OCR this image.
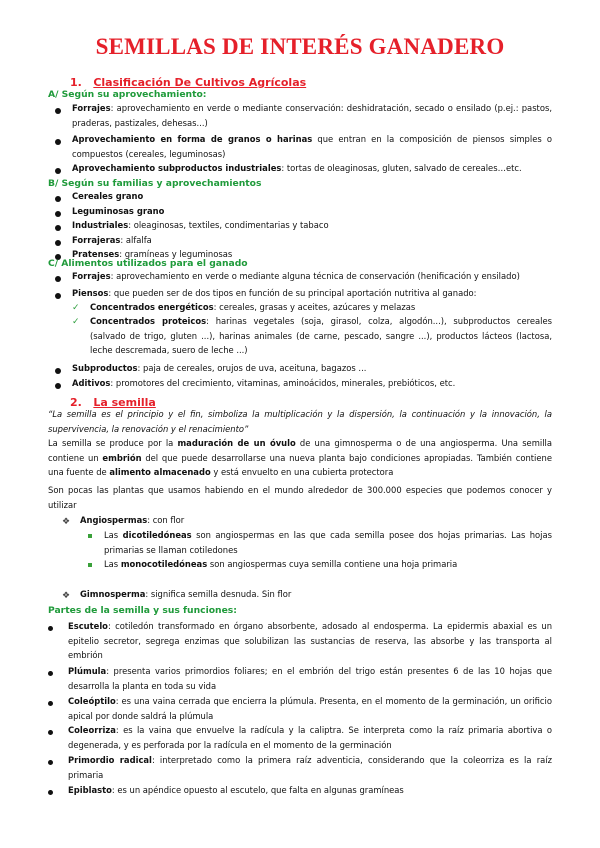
SEMILLAS DE INTERÉS GANADERO
1. Clasificación De Cultivos Agrícolas
A/ Según su aprovechamiento:
Forrajes: aprovechamiento en verde o mediante conservación: deshidratación, secado o ensilado (p.ej.: pastos, praderas, pastizales, dehesas...)
Aprovechamiento en forma de granos o harinas que entran en la composición de piensos simples o compuestos (cereales, leguminosas)
Aprovechamiento subproductos industriales: tortas de oleaginosas, gluten, salvado de cereales…etc.
B/ Según su familias y aprovechamientos
Cereales grano
Leguminosas grano
Industriales: oleaginosas, textiles, condimentarias y tabaco
Forrajeras: alfalfa
Pratenses: gramíneas y leguminosas
C/ Alimentos utilizados para el ganado
Forrajes: aprovechamiento en verde o mediante alguna técnica de conservación (henificación y ensilado)
Piensos: que pueden ser de dos tipos en función de su principal aportación nutritiva al ganado:
✓ Concentrados energéticos: cereales, grasas y aceites, azúcares y melazas
✓ Concentrados proteicos: harinas vegetales (soja, girasol, colza, algodón...), subproductos cereales (salvado de trigo, gluten ...), harinas animales (de carne, pescado, sangre ...), productos lácteos (lactosa, leche descremada, suero de leche ...)
Subproductos: paja de cereales, orujos de uva, aceituna, bagazos ...
Aditivos: promotores del crecimiento, vitaminas, aminoácidos, minerales, prebióticos, etc.
2. La semilla
“La semilla es el principio y el fin, simboliza la multiplicación y la dispersión, la continuación y la innovación, la supervivencia, la renovación y el renacimiento”
La semilla se produce por la maduración de un óvulo de una gimnosperma o de una angiosperma. Una semilla contiene un embrión del que puede desarrollarse una nueva planta bajo condiciones apropiadas. También contiene una fuente de alimento almacenado y está envuelto en una cubierta protectora
Son pocas las plantas que usamos habiendo en el mundo alrededor de 300.000 especies que podemos conocer y utilizar
❖ Angiospermas: con flor
Las dicotiledóneas son angiospermas en las que cada semilla posee dos hojas primarias. Las hojas primarias se llaman cotiledones
Las monocotiledóneas son angiospermas cuya semilla contiene una hoja primaria
❖ Gimnosperma: significa semilla desnuda. Sin flor
Partes de la semilla y sus funciones:
Escutelo: cotiledón transformado en órgano absorbente, adosado al endosperma. La epidermis abaxial es un epitelio secretor, segrega enzimas que solubilizan las sustancias de reserva, las absorbe y las transporta al embrión
Plúmula: presenta varios primordios foliares; en el embrión del trigo están presentes 6 de las 10 hojas que desarrolla la planta en toda su vida
Coleóptilo: es una vaina cerrada que encierra la plúmula. Presenta, en el momento de la germinación, un orificio apical por donde saldrá la plúmula
Coleorriza: es la vaina que envuelve la radícula y la caliptra. Se interpreta como la raíz primaria abortiva o degenerada, y es perforada por la radícula en el momento de la germinación
Primordio radical: interpretado como la primera raíz adventicia, considerando que la coleorriza es la raíz primaria
Epiblasto: es un apéndice opuesto al escutelo, que falta en algunas gramíneas
